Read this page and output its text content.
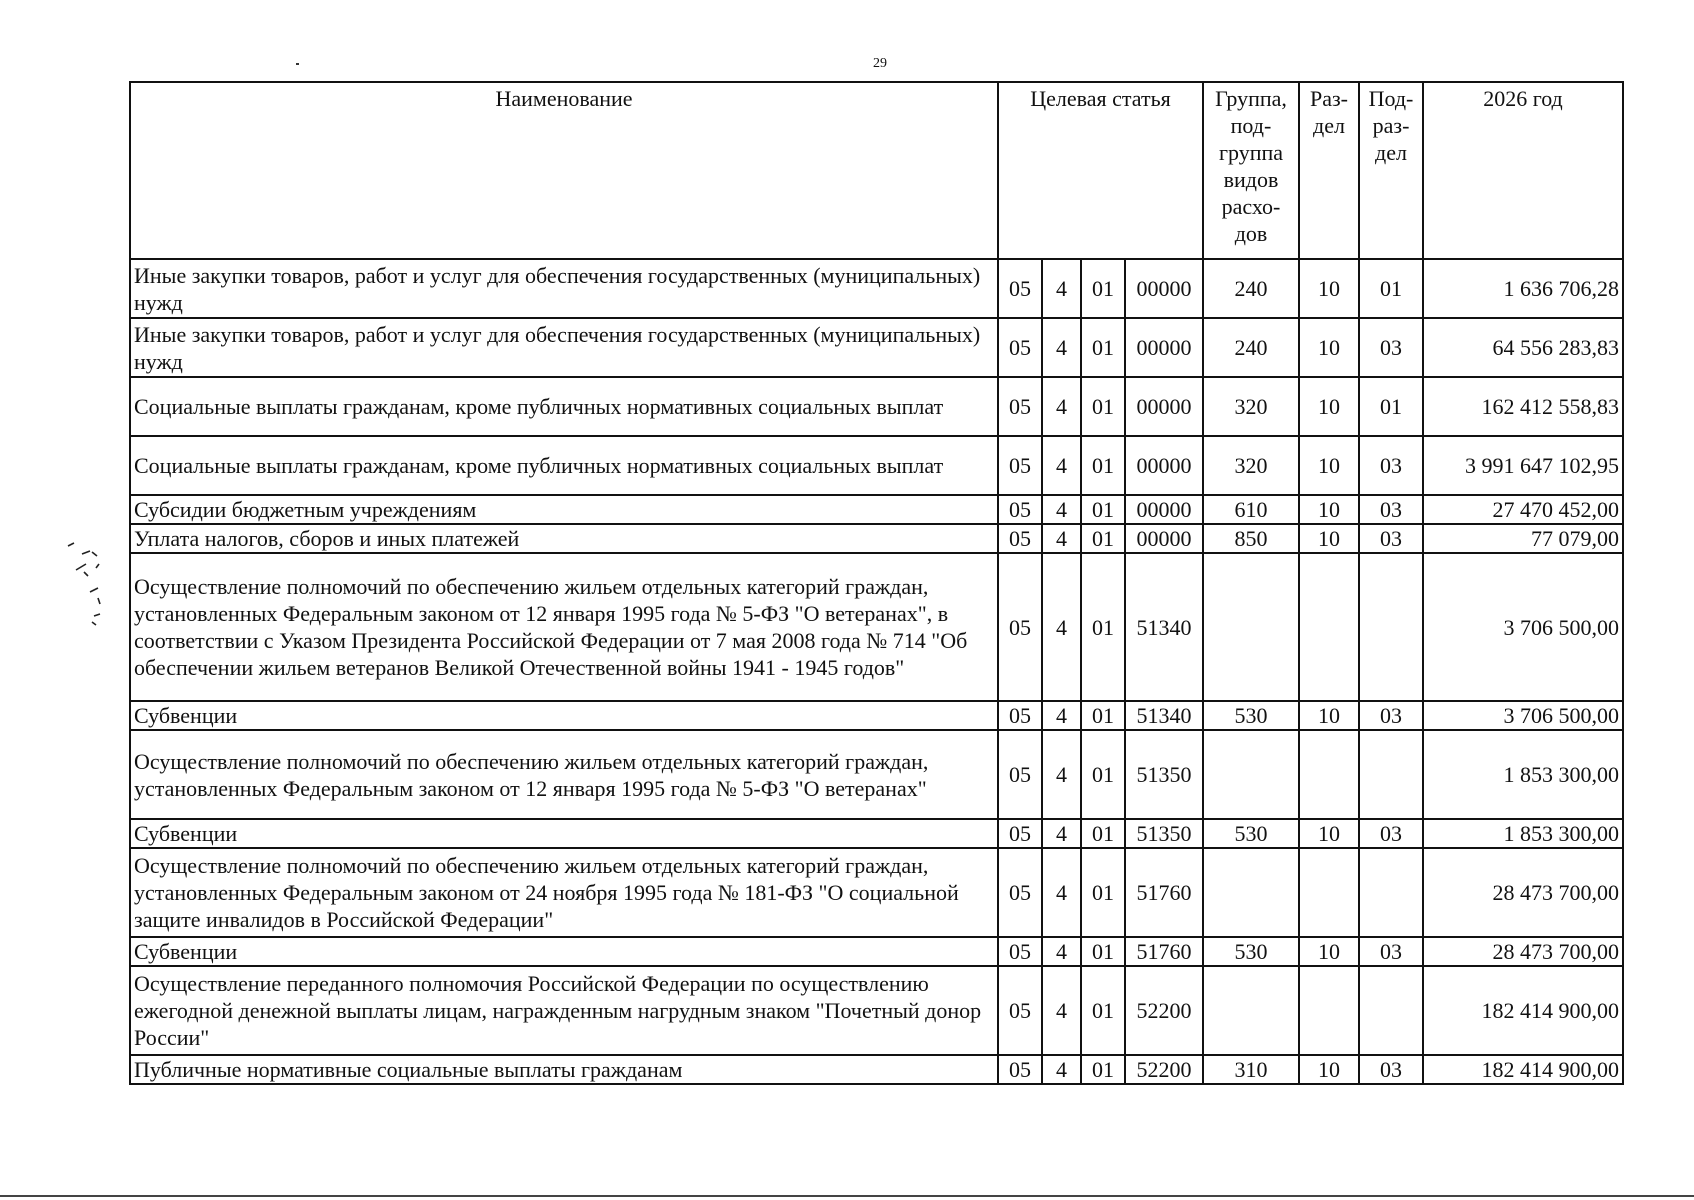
29
Наименование	Целевая статья				Группа, под-группа видов расхо-дов	Раз-дел	Под-раз-дел	2026 год
Иные закупки товаров, работ и услуг для обеспечения государственных (муниципальных) нужд	05	4	01	00000	240	10	01	1 636 706,28
Иные закупки товаров, работ и услуг для обеспечения государственных (муниципальных) нужд	05	4	01	00000	240	10	03	64 556 283,83
Социальные выплаты гражданам, кроме публичных нормативных социальных выплат	05	4	01	00000	320	10	01	162 412 558,83
Социальные выплаты гражданам, кроме публичных нормативных социальных выплат	05	4	01	00000	320	10	03	3 991 647 102,95
Субсидии бюджетным учреждениям	05	4	01	00000	610	10	03	27 470 452,00
Уплата налогов, сборов и иных платежей	05	4	01	00000	850	10	03	77 079,00
Осуществление полномочий по обеспечению жильем отдельных категорий граждан, установленных Федеральным законом от 12 января 1995 года № 5-ФЗ "О ветеранах", в соответствии с Указом Президента Российской Федерации от 7 мая 2008 года № 714 "Об обеспечении жильем ветеранов Великой Отечественной войны 1941 - 1945 годов"	05	4	01	51340				3 706 500,00
Субвенции	05	4	01	51340	530	10	03	3 706 500,00
Осуществление полномочий по обеспечению жильем отдельных категорий граждан, установленных Федеральным законом от 12 января 1995 года № 5-ФЗ "О ветеранах"	05	4	01	51350				1 853 300,00
Субвенции	05	4	01	51350	530	10	03	1 853 300,00
Осуществление полномочий по обеспечению жильем отдельных категорий граждан, установленных Федеральным законом от 24 ноября 1995 года № 181-ФЗ "О социальной защите инвалидов в Российской Федерации"	05	4	01	51760				28 473 700,00
Субвенции	05	4	01	51760	530	10	03	28 473 700,00
Осуществление переданного полномочия Российской Федерации по осуществлению ежегодной денежной выплаты лицам, награжденным нагрудным знаком "Почетный донор России"	05	4	01	52200				182 414 900,00
Публичные нормативные социальные выплаты гражданам	05	4	01	52200	310	10	03	182 414 900,00
